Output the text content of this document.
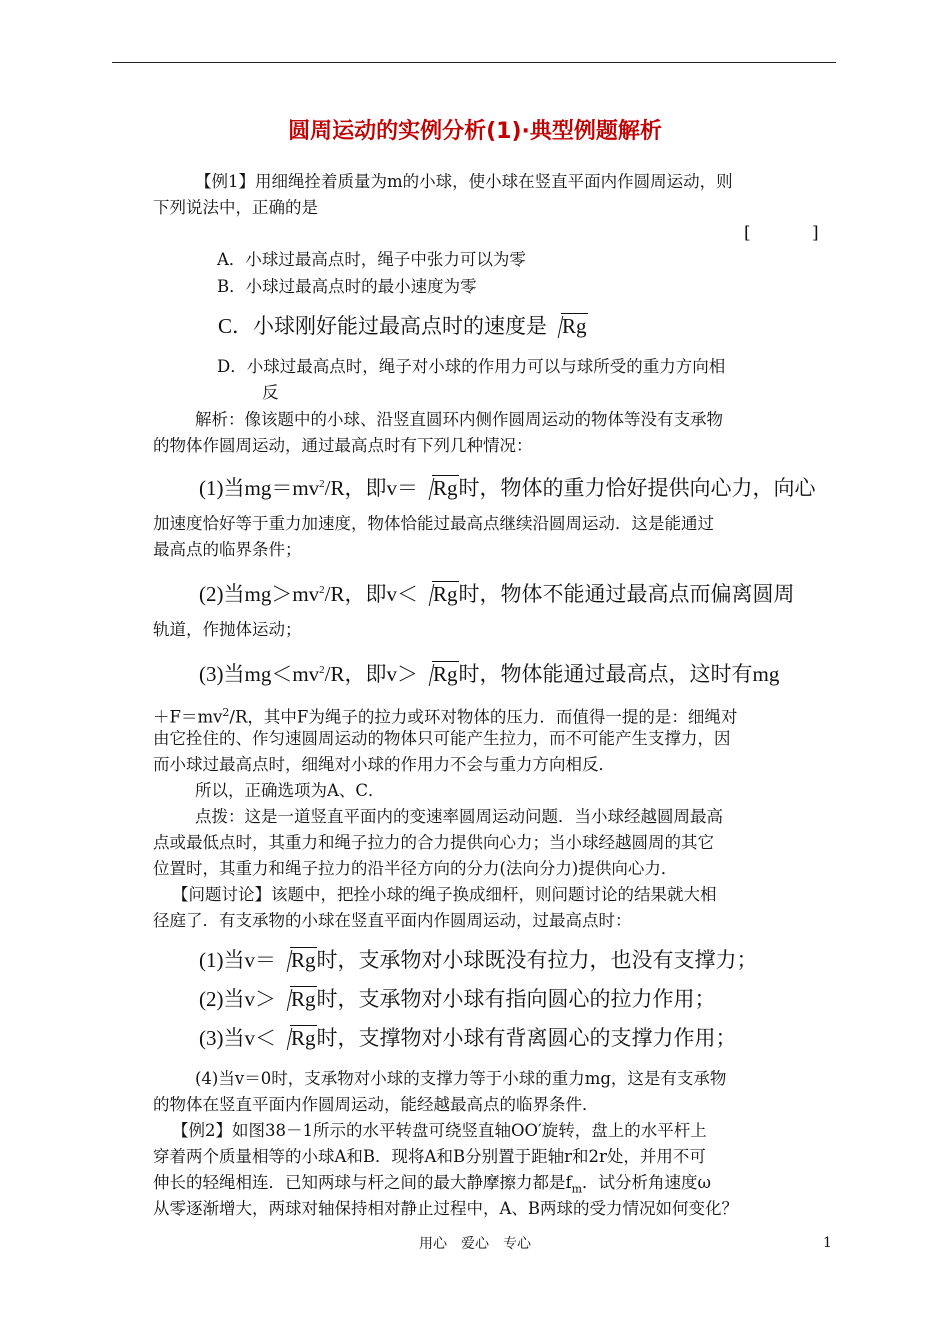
圆周运动的实例分析(1)·典型例题解析
【例1】用细绳拴着质量为m的小球，使小球在竖直平面内作圆周运动，则
下列说法中，正确的是
[ ]
A．小球过最高点时，绳子中张力可以为零
B．小球过最高点时的最小速度为零
C．小球刚好能过最高点时的速度是 Rg
D．小球过最高点时，绳子对小球的作用力可以与球所受的重力方向相
反
解析：像该题中的小球、沿竖直圆环内侧作圆周运动的物体等没有支承物
的物体作圆周运动，通过最高点时有下列几种情况：
(1)当$mg=mv^2/R$，即v＝ Rg时，物体的重力恰好提供向心力，向心
加速度恰好等于重力加速度，物体恰能过最高点继续沿圆周运动．这是能通过
最高点的临界条件；
(2)当$mg>mv^2/R$，即v＜ Rg时，物体不能通过最高点而偏离圆周
轨道，作抛体运动；
(3)当$mg<mv^2/R$，即v＞ Rg时，物体能通过最高点，这时有mg
$+F=mv^2/R$，其中F为绳子的拉力或环对物体的压力．而值得一提的是：细绳对
由它拴住的、作匀速圆周运动的物体只可能产生拉力，而不可能产生支撑力，因
而小球过最高点时，细绳对小球的作用力不会与重力方向相反．
所以，正确选项为A、C．
点拨：这是一道竖直平面内的变速率圆周运动问题．当小球经越圆周最高
点或最低点时，其重力和绳子拉力的合力提供向心力；当小球经越圆周的其它
位置时，其重力和绳子拉力的沿半径方向的分力(法向分力)提供向心力．
【问题讨论】该题中，把拴小球的绳子换成细杆，则问题讨论的结果就大相
径庭了．有支承物的小球在竖直平面内作圆周运动，过最高点时：
(1)当v＝ Rg时，支承物对小球既没有拉力，也没有支撑力；
(2)当v＞ Rg时，支承物对小球有指向圆心的拉力作用；
(3)当v＜ Rg时，支撑物对小球有背离圆心的支撑力作用；
(4)当v＝0时，支承物对小球的支撑力等于小球的重力mg，这是有支承物
的物体在竖直平面内作圆周运动，能经越最高点的临界条件．
【例2】如图38－1所示的水平转盘可绕竖直轴OO′旋转，盘上的水平杆上
穿着两个质量相等的小球A和B．现将A和B分别置于距轴r和2r处，并用不可
伸长的轻绳相连．已知两球与杆之间的最大静摩擦力都是$f_m$．试分析角速度ω
从零逐渐增大，两球对轴保持相对静止过程中，A、B两球的受力情况如何变化？
用心　爱心　专心	1
